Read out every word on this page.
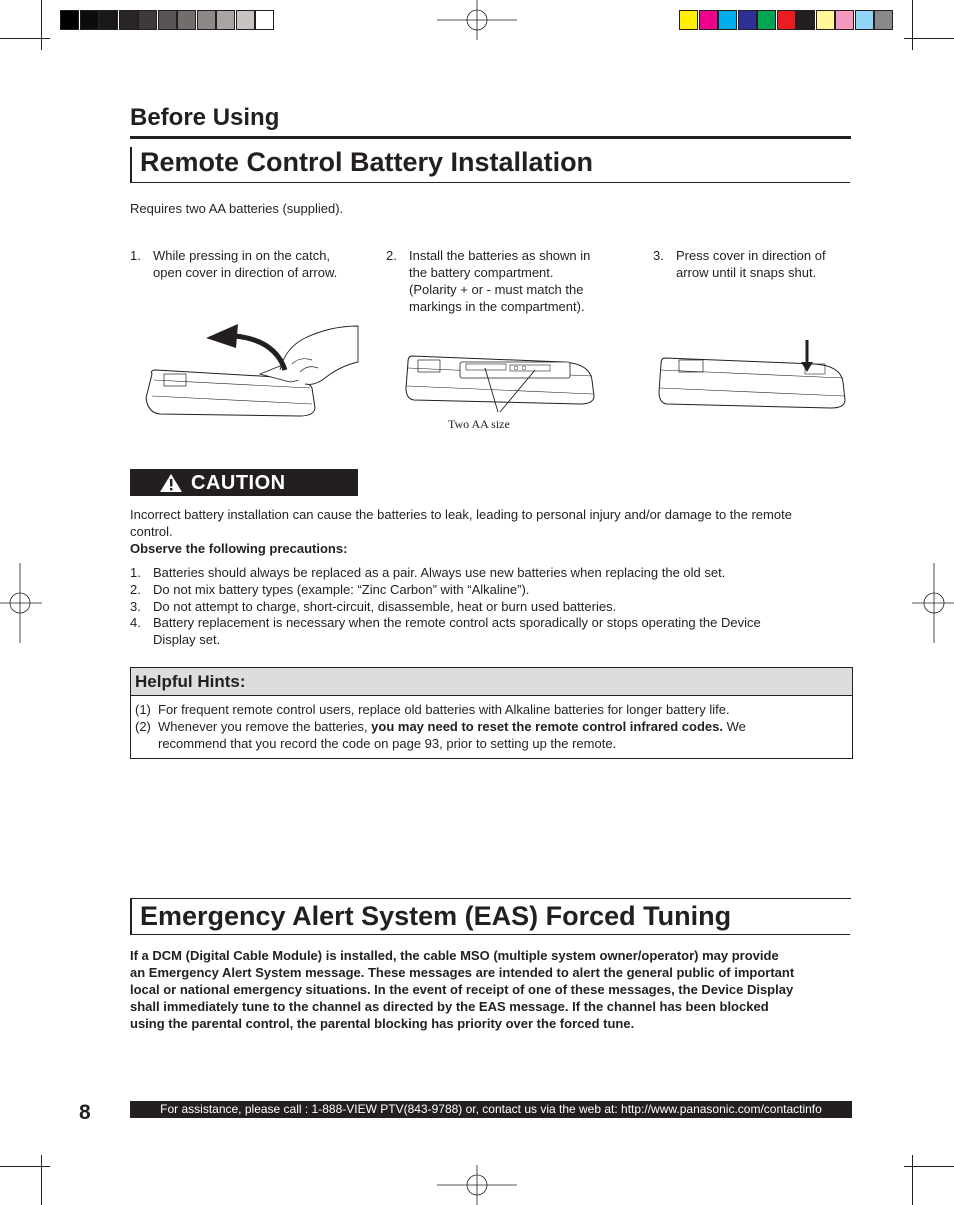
Before Using
Remote Control Battery Installation
Requires two AA batteries (supplied).
1. While pressing in on the catch,
open cover in direction of arrow.
2. Install the batteries as shown in
the battery compartment.
(Polarity + or - must match the
markings in the compartment).
3. Press cover in direction of
arrow until it snaps shut.
Two AA size
CAUTION
Incorrect battery installation can cause the batteries to leak, leading to personal injury and/or damage to the remote
control.
Observe the following precautions:
1. Batteries should always be replaced as a pair. Always use new batteries when replacing the old set.
2. Do not mix battery types (example: “Zinc Carbon” with “Alkaline”).
3. Do not attempt to charge, short-circuit, disassemble, heat or burn used batteries.
4. Battery replacement is necessary when the remote control acts sporadically or stops operating the Device
Display set.
Helpful Hints:
(1) For frequent remote control users, replace old batteries with Alkaline batteries for longer battery life.
(2) Whenever you remove the batteries, you may need to reset the remote control infrared codes. We
recommend that you record the code on page 93, prior to setting up the remote.
Emergency Alert System (EAS) Forced Tuning
If a DCM (Digital Cable Module) is installed, the cable MSO (multiple system owner/operator) may provide
an Emergency Alert System message. These messages are intended to alert the general public of important
local or national emergency situations. In the event of receipt of one of these messages, the Device Display
shall immediately tune to the channel as directed by the EAS message. If the channel has been blocked
using the parental control, the parental blocking has priority over the forced tune.
8	For assistance, please call : 1-888-VIEW PTV(843-9788) or, contact us via the web at: http://www.panasonic.com/contactinfo
